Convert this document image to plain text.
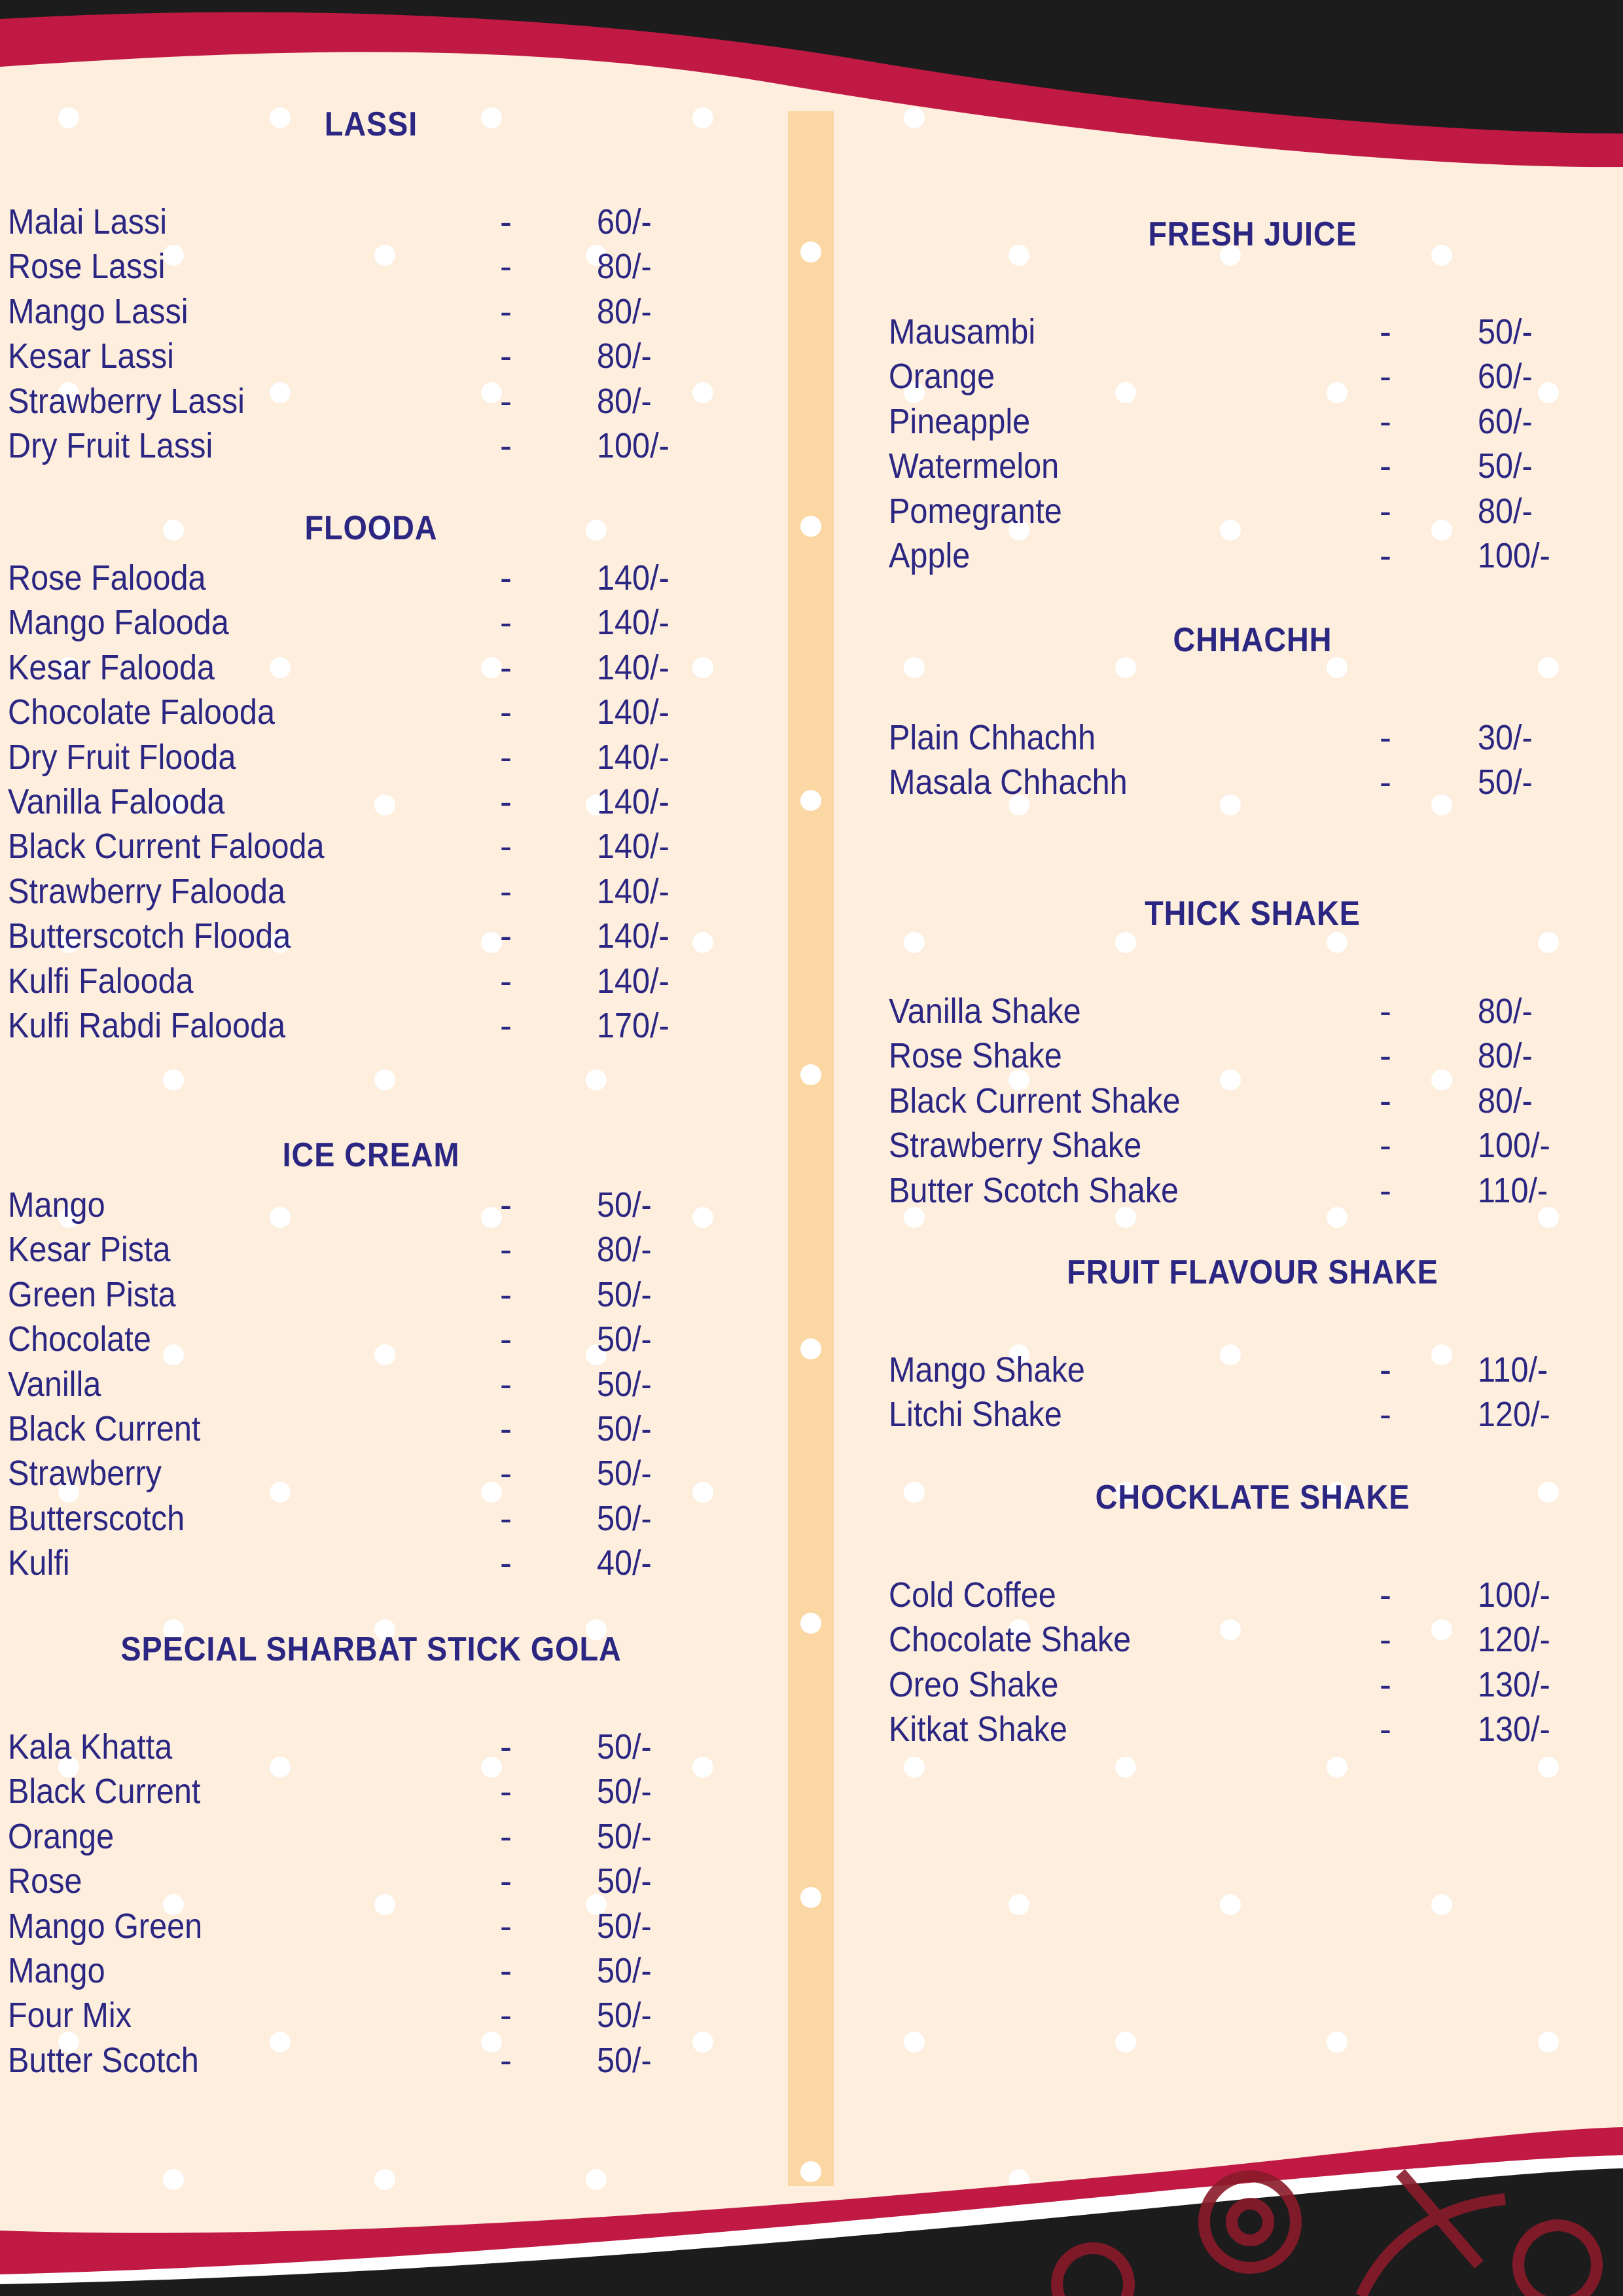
LASSI
Malai Lassi	- 60/-
Rose Lassi	- 80/-
Mango Lassi	- 80/-
Kesar Lassi	- 80/-
Strawberry Lassi	- 80/-
Dry Fruit Lassi	- 100/-
FLOODA
Rose Falooda	- 140/-
Mango Falooda	- 140/-
Kesar Falooda	- 140/-
Chocolate Falooda	- 140/-
Dry Fruit Flooda	- 140/-
Vanilla Falooda	- 140/-
Black Current Falooda	- 140/-
Strawberry Falooda	- 140/-
Butterscotch Flooda	- 140/-
Kulfi Falooda	- 140/-
Kulfi Rabdi Falooda	- 170/-
ICE CREAM
Mango	- 50/-
Kesar Pista	- 80/-
Green Pista	- 50/-
Chocolate	- 50/-
Vanilla	- 50/-
Black Current	- 50/-
Strawberry	- 50/-
Butterscotch	- 50/-
Kulfi	- 40/-
SPECIAL SHARBAT STICK GOLA
Kala Khatta	- 50/-
Black Current	- 50/-
Orange	- 50/-
Rose	- 50/-
Mango Green	- 50/-
Mango	- 50/-
Four Mix	- 50/-
Butter Scotch	- 50/-
FRESH JUICE
Mausambi	- 50/-
Orange	- 60/-
Pineapple	- 60/-
Watermelon	- 50/-
Pomegrante	- 80/-
Apple	- 100/-
CHHACHH
Plain Chhachh	- 30/-
Masala Chhachh	- 50/-
THICK SHAKE
Vanilla Shake	- 80/-
Rose Shake	- 80/-
Black Current Shake	- 80/-
Strawberry Shake	- 100/-
Butter Scotch Shake	- 110/-
FRUIT FLAVOUR SHAKE
Mango Shake	- 110/-
Litchi Shake	- 120/-
CHOCKLATE SHAKE
Cold Coffee	- 100/-
Chocolate Shake	- 120/-
Oreo Shake	- 130/-
Kitkat Shake	- 130/-
